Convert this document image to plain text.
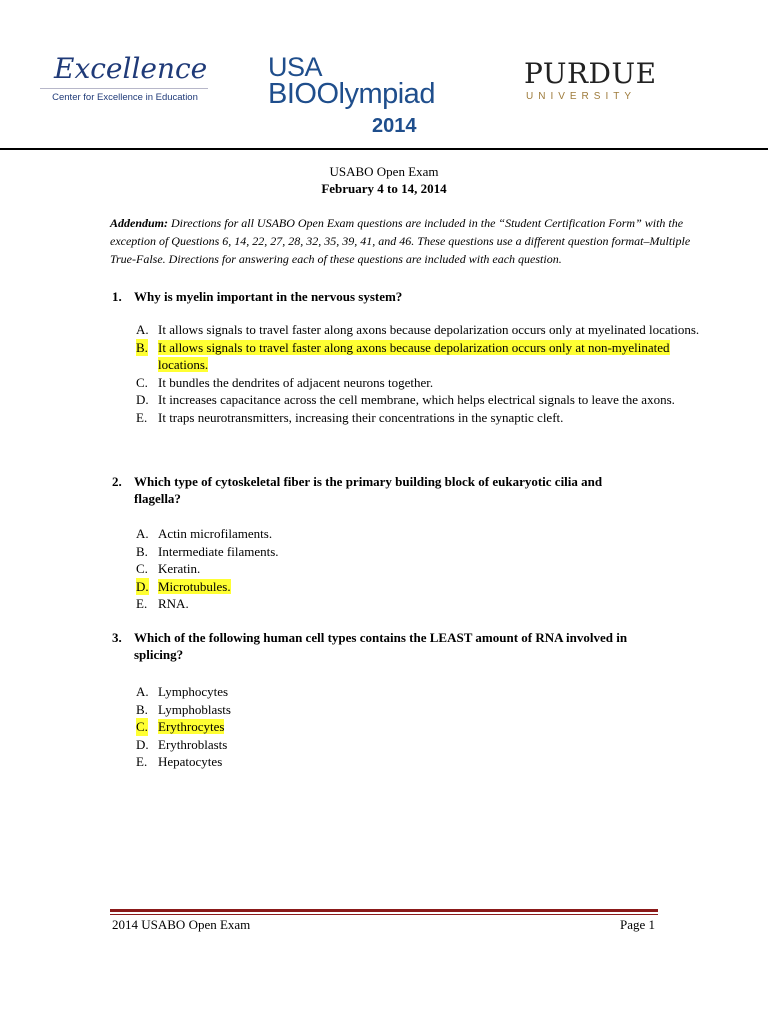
Excellence
Center for Excellence in Education
USA
BIOOlympiad
2014
PURDUE
UNIVERSITY
USABO Open Exam
February 4 to 14, 2014
Addendum: Directions for all USABO Open Exam questions are included in the “Student Certification Form” with the exception of Questions 6, 14, 22, 27, 28, 32, 35, 39, 41, and 46. These questions use a different question format–Multiple True-False. Directions for answering each of these questions are included with each question.
1. Why is myelin important in the nervous system?
A. It allows signals to travel faster along axons because depolarization occurs only at myelinated locations.
B. It allows signals to travel faster along axons because depolarization occurs only at non-myelinated locations.
C. It bundles the dendrites of adjacent neurons together.
D. It increases capacitance across the cell membrane, which helps electrical signals to leave the axons.
E. It traps neurotransmitters, increasing their concentrations in the synaptic cleft.
2. Which type of cytoskeletal fiber is the primary building block of eukaryotic cilia and
flagella?
A. Actin microfilaments.
B. Intermediate filaments.
C. Keratin.
D. Microtubules.
E. RNA.
3. Which of the following human cell types contains the LEAST amount of RNA involved in
splicing?
A. Lymphocytes
B. Lymphoblasts
C. Erythrocytes
D. Erythroblasts
E. Hepatocytes
2014 USABO Open Exam	Page 1
